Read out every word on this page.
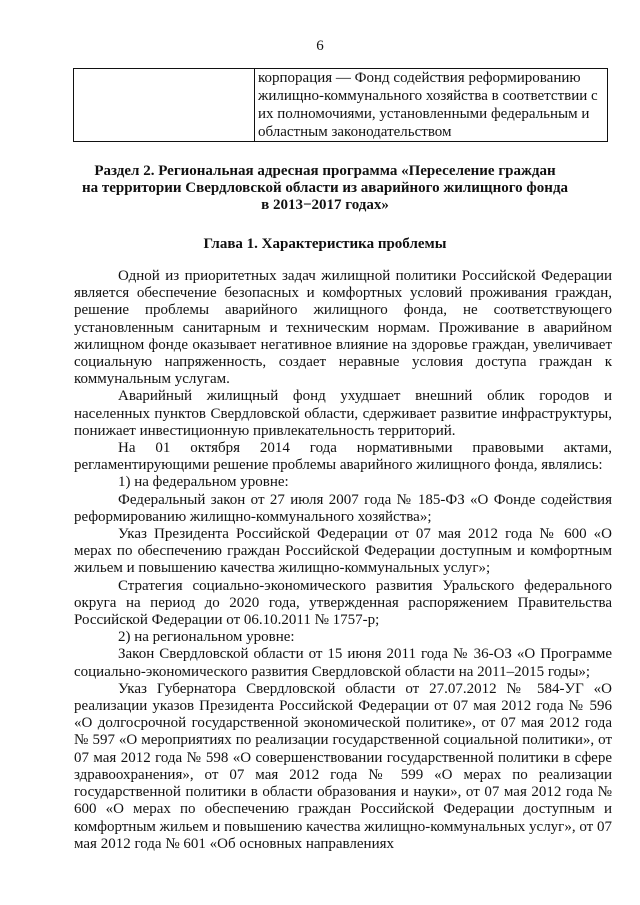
6

корпорация — Фонд содействия реформированию
жилищно-коммунального хозяйства в соответствии с
их полномочиями, установленными федеральным и
областным законодательством
Раздел 2. Региональная адресная программа «Переселение граждан
на территории Свердловской области из аварийного жилищного фонда
в 2013−2017 годах»
Глава 1. Характеристика проблемы

Одной из приоритетных задач жилищной политики Российской Федерации является обеспечение безопасных и комфортных условий проживания граждан, решение проблемы аварийного жилищного фонда, не соответствующего установленным санитарным и техническим нормам. Проживание в аварийном жилищном фонде оказывает негативное влияние на здоровье граждан, увеличивает социальную напряженность, создает неравные условия доступа граждан к коммунальным услугам.

Аварийный жилищный фонд ухудшает внешний облик городов и населенных пунктов Свердловской области, сдерживает развитие инфраструктуры, понижает инвестиционную привлекательность территорий.

На 01 октября 2014 года нормативными правовыми актами, регламентирующими решение проблемы аварийного жилищного фонда, являлись:

1) на федеральном уровне:

Федеральный закон от 27 июля 2007 года № 185-ФЗ «О Фонде содействия реформированию жилищно-коммунального хозяйства»;

Указ Президента Российской Федерации от 07 мая 2012 года № 600 «О мерах по обеспечению граждан Российской Федерации доступным и комфортным жильем и повышению качества жилищно-коммунальных услуг»;

Стратегия социально-экономического развития Уральского федерального округа на период до 2020 года, утвержденная распоряжением Правительства Российской Федерации от 06.10.2011 № 1757-р;

2) на региональном уровне:

Закон Свердловской области от 15 июня 2011 года № 36-ОЗ «О Программе социально-экономического развития Свердловской области на 2011–2015 годы»;

Указ Губернатора Свердловской области от 27.07.2012 № 584-УГ «О реализации указов Президента Российской Федерации от 07 мая 2012 года № 596 «О долгосрочной государственной экономической политике», от 07 мая 2012 года № 597 «О мероприятиях по реализации государственной социальной политики», от 07 мая 2012 года № 598 «О совершенствовании государственной политики в сфере здравоохранения», от 07 мая 2012 года № 599 «О мерах по реализации государственной политики в области образования и науки», от 07 мая 2012 года № 600 «О мерах по обеспечению граждан Российской Федерации доступным и комфортным жильем и повышению качества жилищно-коммунальных услуг», от 07 мая 2012 года № 601 «Об основных направлениях
